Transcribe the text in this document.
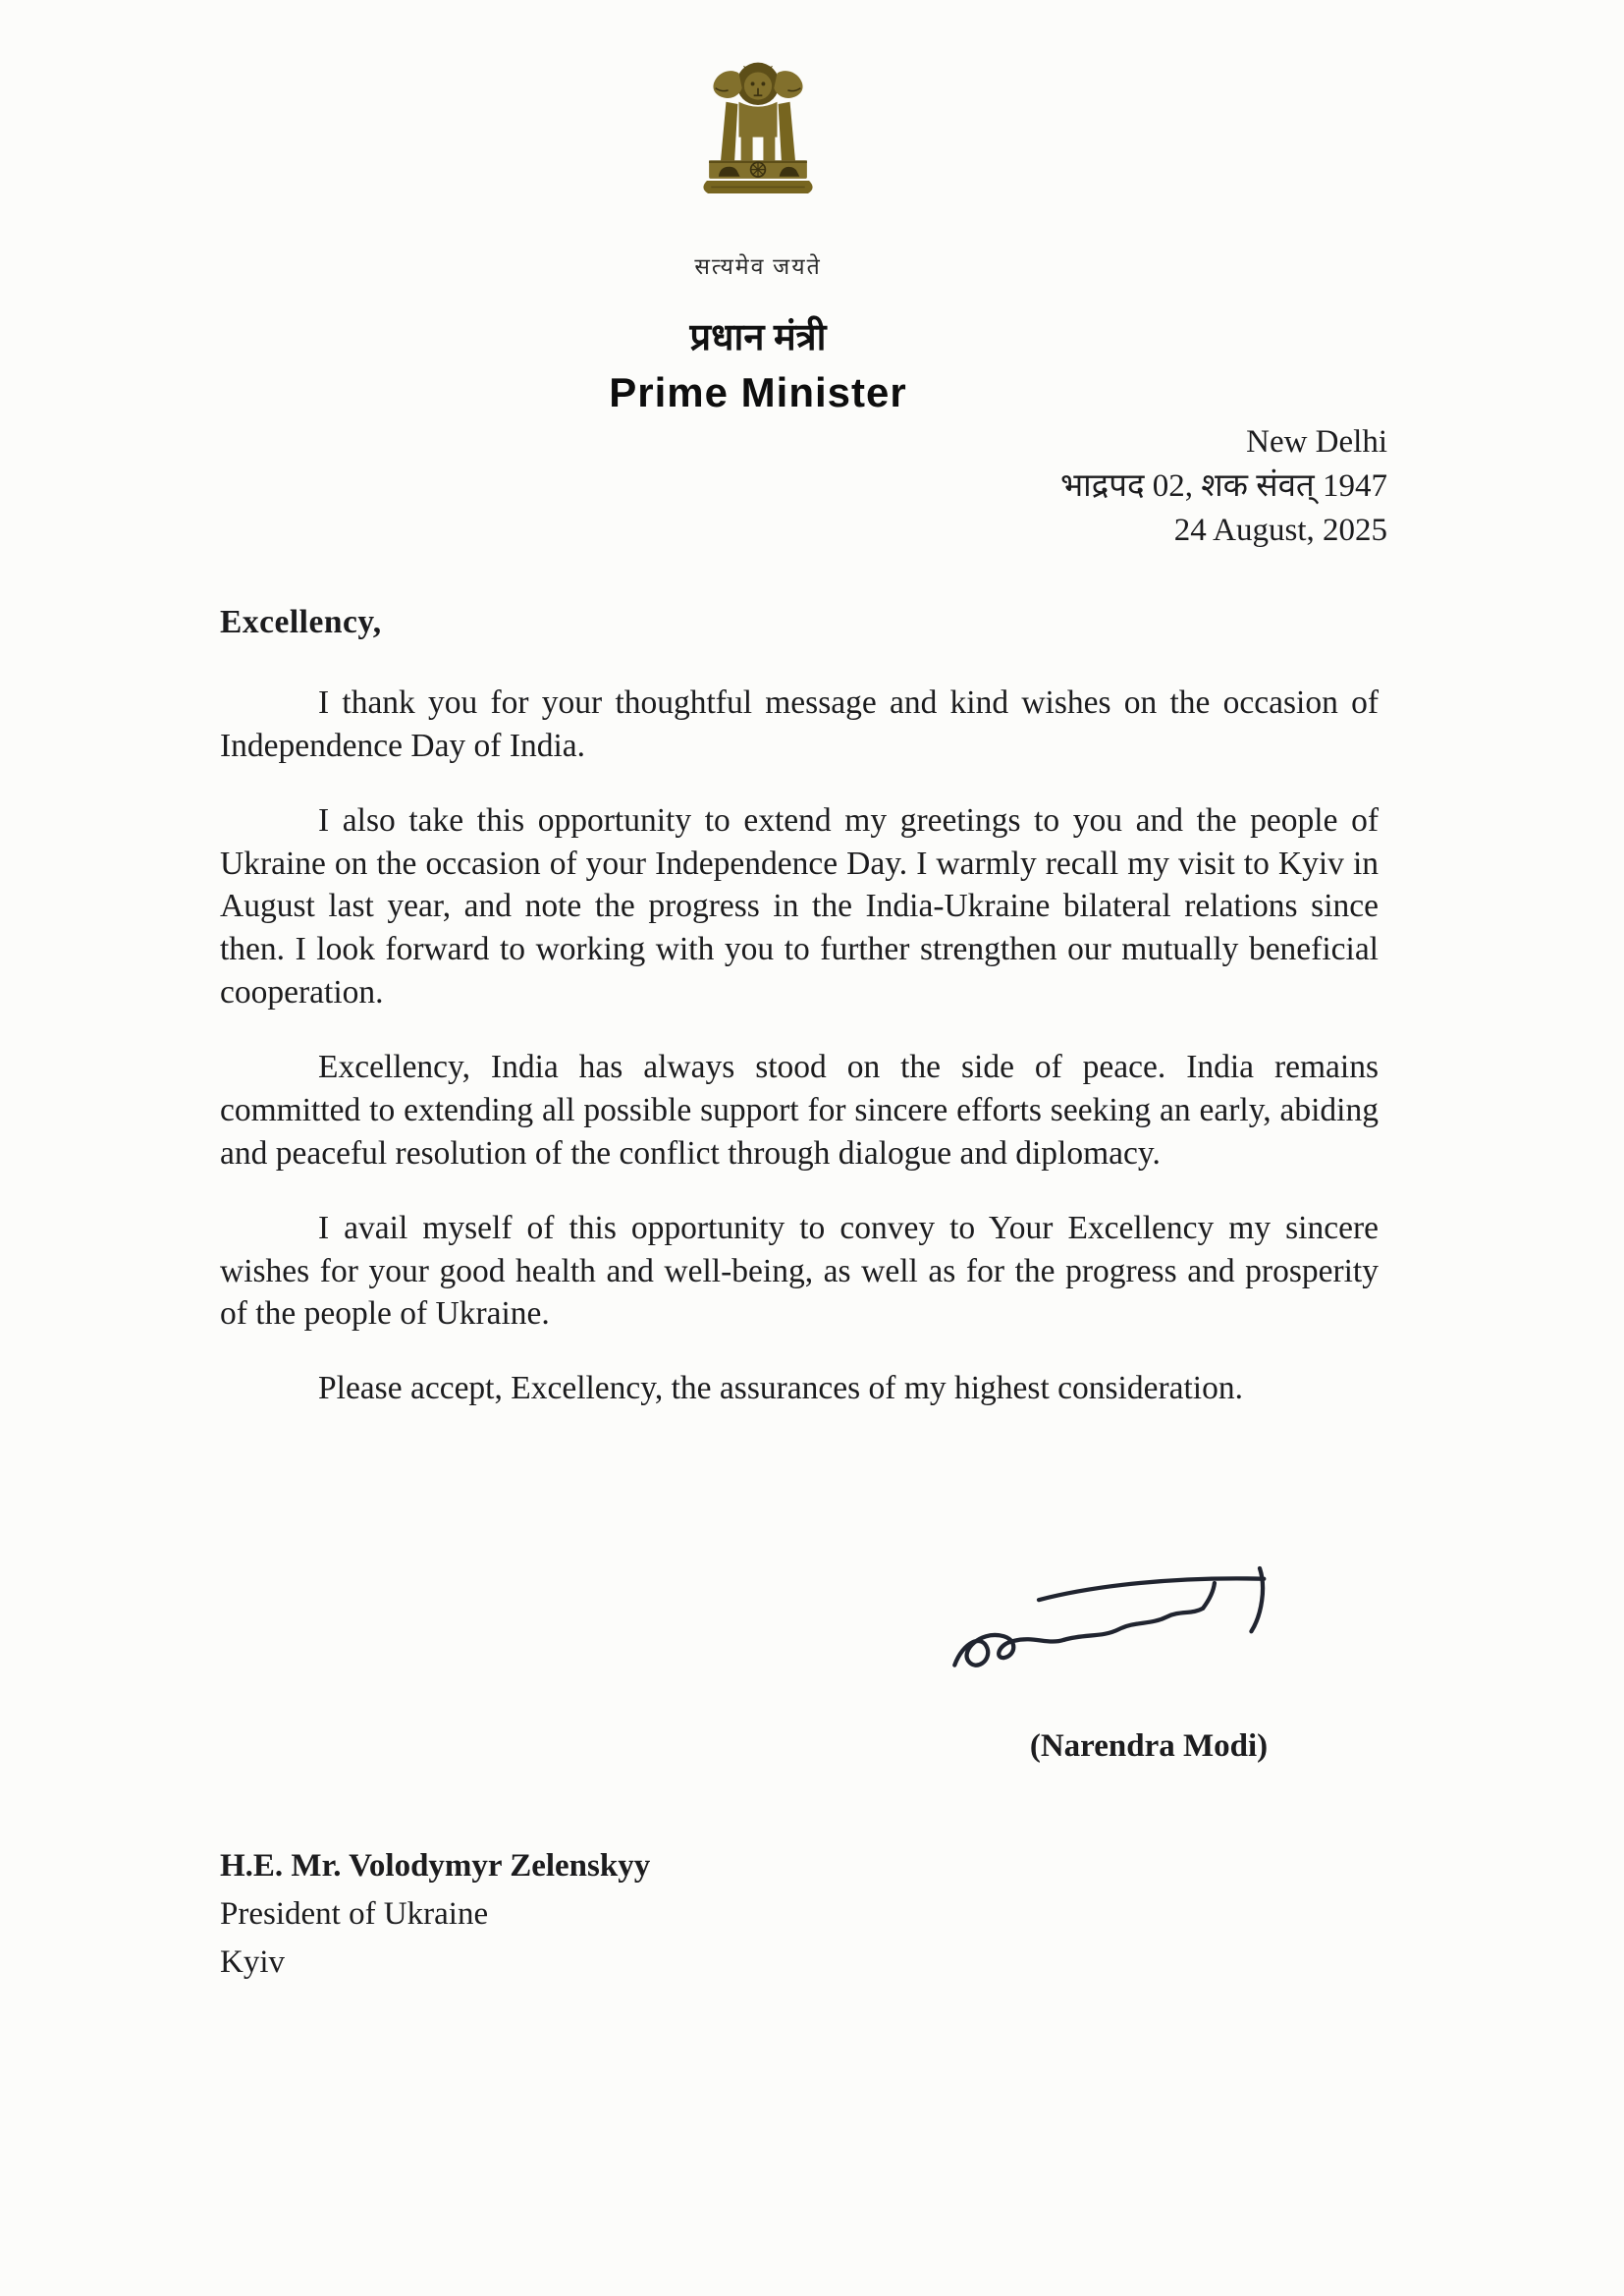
सत्यमेव जयते
प्रधान मंत्री
Prime Minister
New Delhi
भाद्रपद 02, शक संवत् 1947
24 August, 2025
Excellency,

I thank you for your thoughtful message and kind wishes on the occasion of Independence Day of India.

I also take this opportunity to extend my greetings to you and the people of Ukraine on the occasion of your Independence Day. I warmly recall my visit to Kyiv in August last year, and note the progress in the India-Ukraine bilateral relations since then. I look forward to working with you to further strengthen our mutually beneficial cooperation.

Excellency, India has always stood on the side of peace. India remains committed to extending all possible support for sincere efforts seeking an early, abiding and peaceful resolution of the conflict through dialogue and diplomacy.

I avail myself of this opportunity to convey to Your Excellency my sincere wishes for your good health and well-being, as well as for the progress and prosperity of the people of Ukraine.

Please accept, Excellency, the assurances of my highest consideration.

(Narendra Modi)
H.E. Mr. Volodymyr Zelenskyy
President of Ukraine
Kyiv
